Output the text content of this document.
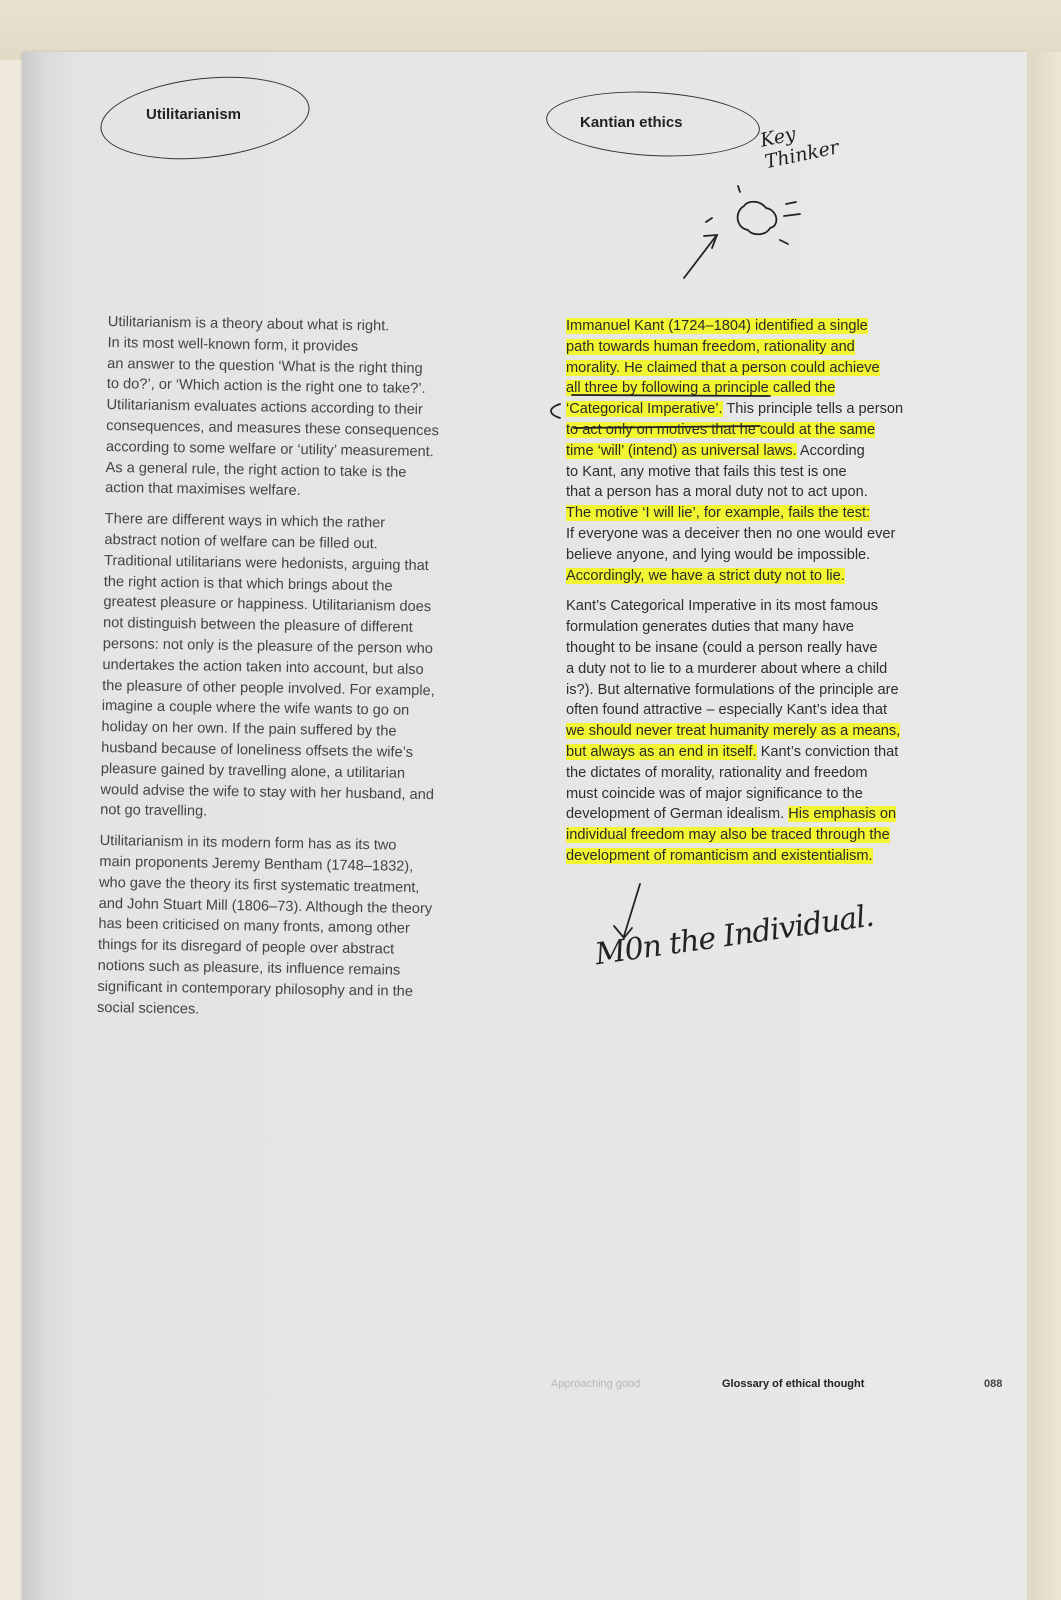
Utilitarianism	Kantian ethics
Key
Thinker

Utilitarianism is a theory about what is right.
In its most well-known form, it provides
an answer to the question ‘What is the right thing
to do?’, or ‘Which action is the right one to take?’.
Utilitarianism evaluates actions according to their
consequences, and measures these consequences
according to some welfare or ‘utility’ measurement.
As a general rule, the right action to take is the
action that maximises welfare.

There are different ways in which the rather
abstract notion of welfare can be filled out.
Traditional utilitarians were hedonists, arguing that
the right action is that which brings about the
greatest pleasure or happiness. Utilitarianism does
not distinguish between the pleasure of different
persons: not only is the pleasure of the person who
undertakes the action taken into account, but also
the pleasure of other people involved. For example,
imagine a couple where the wife wants to go on
holiday on her own. If the pain suffered by the
husband because of loneliness offsets the wife’s
pleasure gained by travelling alone, a utilitarian
would advise the wife to stay with her husband, and
not go travelling.

Utilitarianism in its modern form has as its two
main proponents Jeremy Bentham (1748–1832),
who gave the theory its first systematic treatment,
and John Stuart Mill (1806–73). Although the theory
has been criticised on many fronts, among other
things for its disregard of people over abstract
notions such as pleasure, its influence remains
significant in contemporary philosophy and in the
social sciences.

Immanuel Kant (1724–1804) identified a single
path towards human freedom, rationality and
morality. He claimed that a person could achieve
all three by following a principle called the
‘Categorical Imperative’. This principle tells a person
to act only on motives that he could at the same
time ‘will’ (intend) as universal laws. According
to Kant, any motive that fails this test is one
that a person has a moral duty not to act upon.
The motive ‘I will lie’, for example, fails the test:
If everyone was a deceiver then no one would ever
believe anyone, and lying would be impossible.
Accordingly, we have a strict duty not to lie.

Kant’s Categorical Imperative in its most famous
formulation generates duties that many have
thought to be insane (could a person really have
a duty not to lie to a murderer about where a child
is?). But alternative formulations of the principle are
often found attractive – especially Kant’s idea that
we should never treat humanity merely as a means,
but always as an end in itself. Kant’s conviction that
the dictates of morality, rationality and freedom
must coincide was of major significance to the
development of German idealism. His emphasis on
individual freedom may also be traced through the
development of romanticism and existentialism.

M0n the Individual.
Approaching good	Glossary of ethical thought	088
